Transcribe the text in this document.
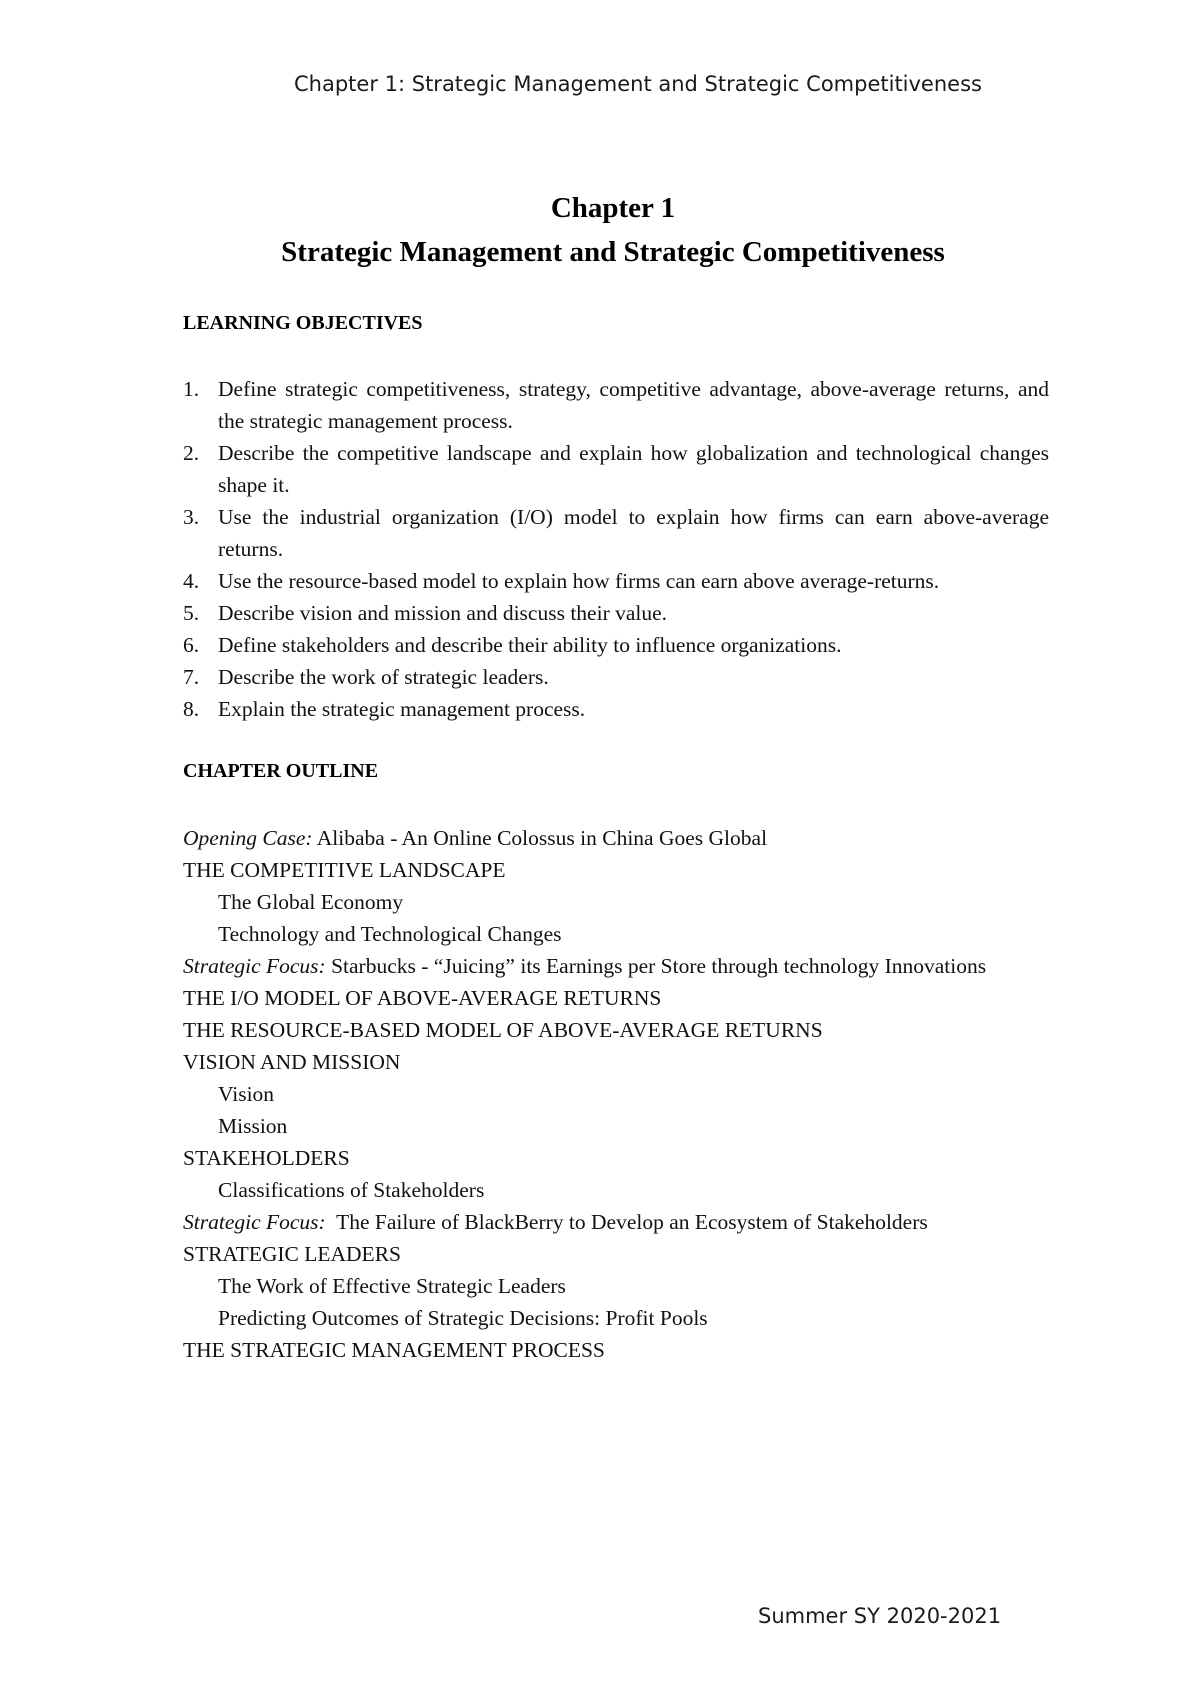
Chapter 1: Strategic Management and Strategic Competitiveness
Chapter 1
Strategic Management and Strategic Competitiveness
LEARNING OBJECTIVES
1. Define strategic competitiveness, strategy, competitive advantage, above-average returns, and the strategic management process.
2. Describe the competitive landscape and explain how globalization and technological changes shape it.
3. Use the industrial organization (I/O) model to explain how firms can earn above-average returns.
4. Use the resource-based model to explain how firms can earn above average-returns.
5. Describe vision and mission and discuss their value.
6. Define stakeholders and describe their ability to influence organizations.
7. Describe the work of strategic leaders.
8. Explain the strategic management process.
CHAPTER OUTLINE
Opening Case: Alibaba - An Online Colossus in China Goes Global
THE COMPETITIVE LANDSCAPE
The Global Economy
Technology and Technological Changes
Strategic Focus: Starbucks - “Juicing” its Earnings per Store through technology Innovations
THE I/O MODEL OF ABOVE-AVERAGE RETURNS
THE RESOURCE-BASED MODEL OF ABOVE-AVERAGE RETURNS
VISION AND MISSION
Vision
Mission
STAKEHOLDERS
Classifications of Stakeholders
Strategic Focus:  The Failure of BlackBerry to Develop an Ecosystem of Stakeholders
STRATEGIC LEADERS
The Work of Effective Strategic Leaders
Predicting Outcomes of Strategic Decisions: Profit Pools
THE STRATEGIC MANAGEMENT PROCESS
Summer SY 2020-2021
